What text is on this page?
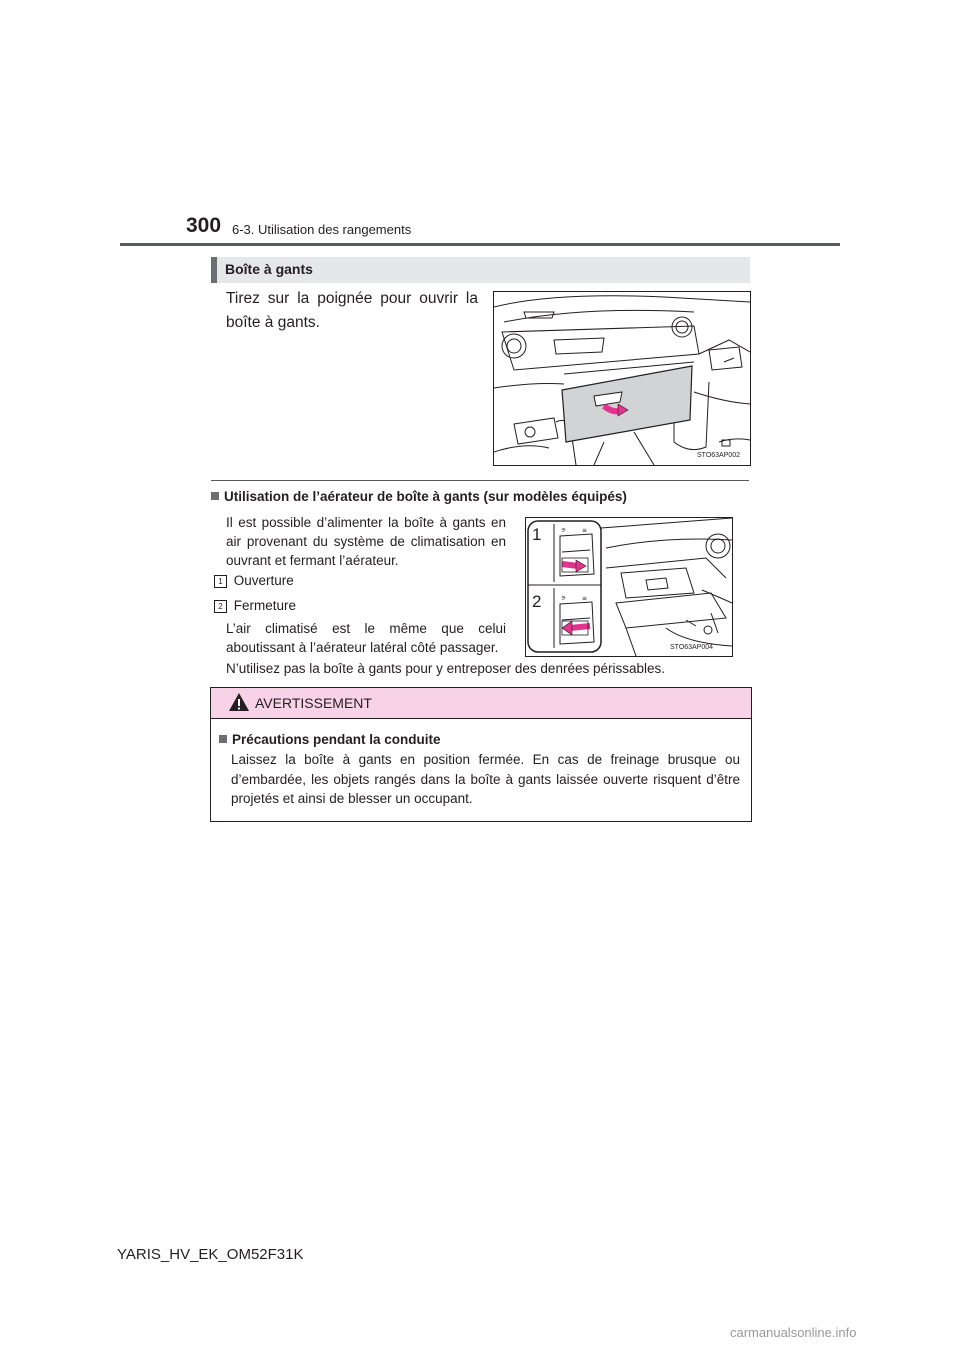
300 6-3. Utilisation des rangements
Boîte à gants
Tirez sur la poignée pour ouvrir la boîte à gants.
STO63AP002
Utilisation de l’aérateur de boîte à gants (sur modèles équipés)
Il est possible d’alimenter la boîte à gants en air provenant du système de climatisation en ouvrant et fermant l’aérateur.
1 Ouverture
2 Fermeture
L’air climatisé est le même que celui aboutissant à l’aérateur latéral côté passager.
N’utilisez pas la boîte à gants pour y entreposer des denrées périssables.
⚞	≡
⚞	≡
1
2
STO63AP004
AVERTISSEMENT
Précautions pendant la conduite
Laissez la boîte à gants en position fermée. En cas de freinage brusque ou d’embardée, les objets rangés dans la boîte à gants laissée ouverte risquent d’être projetés et ainsi de blesser un occupant.
YARIS_HV_EK_OM52F31K
carmanualsonline.info
